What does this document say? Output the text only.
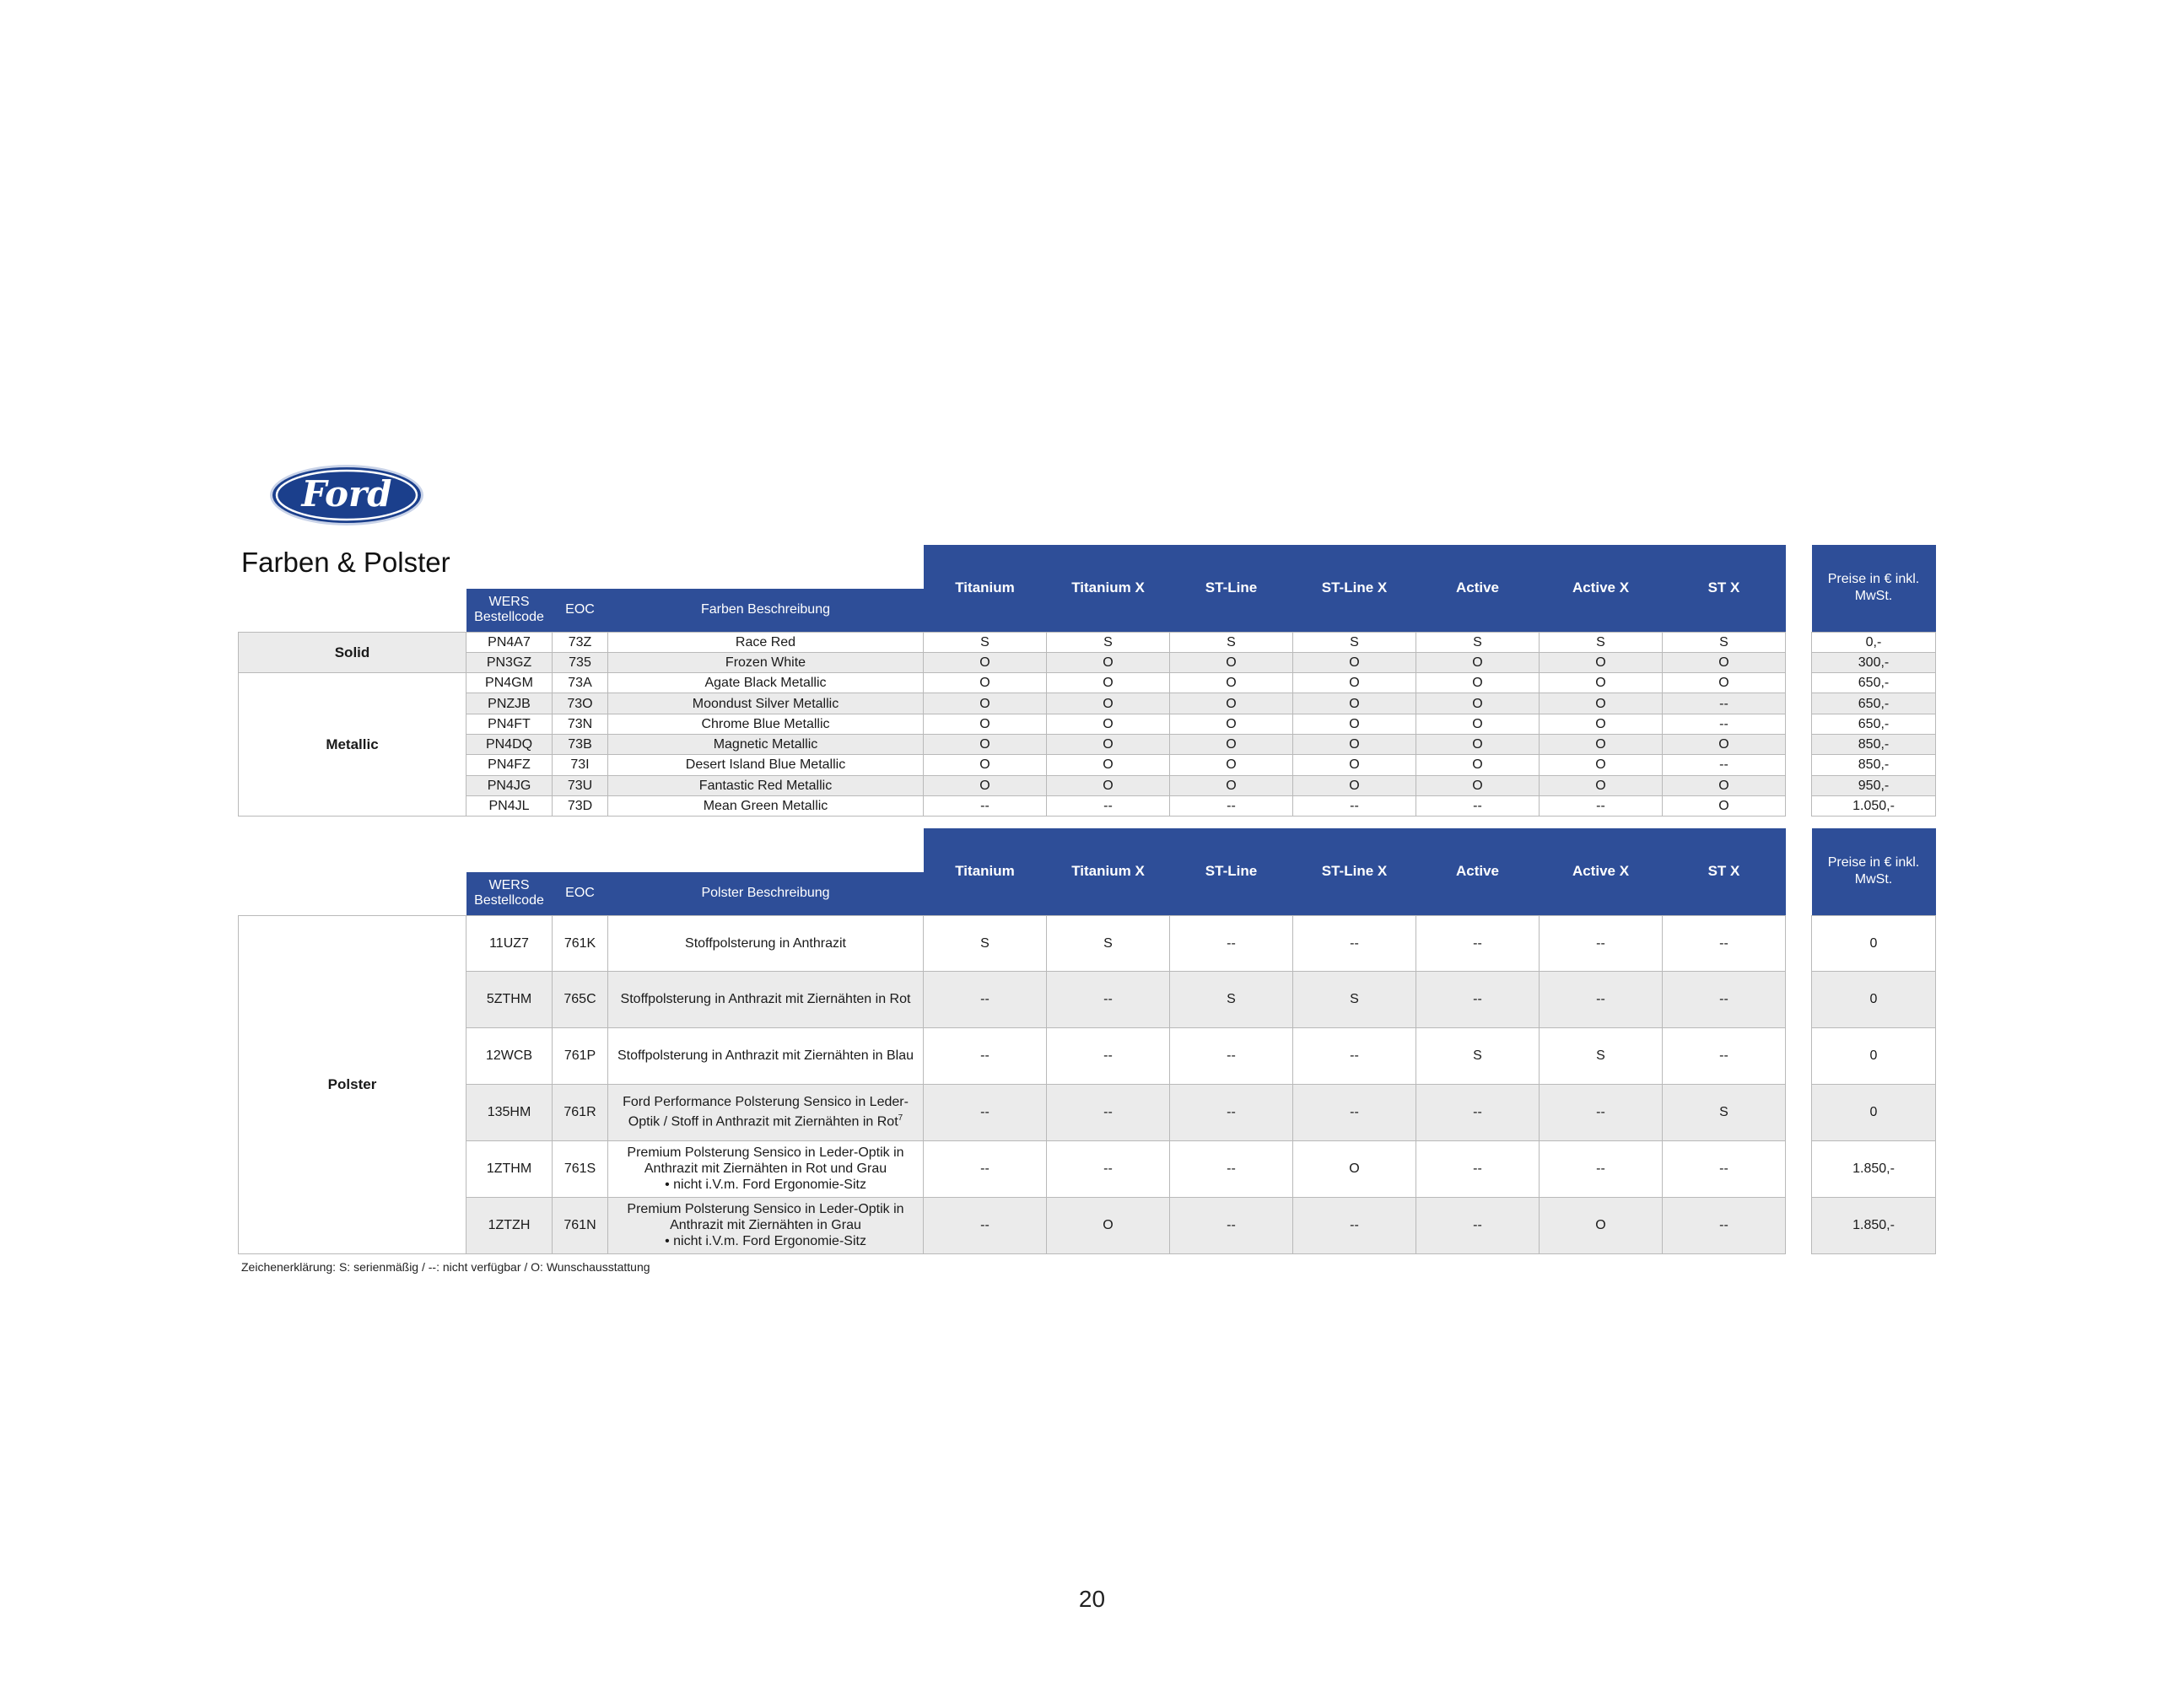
Ford
Farben & Polster
				Titanium	Titanium X	ST-Line	ST-Line X	Active	Active X	ST X		Preise in € inkl. MwSt.
	WERS Bestellcode	EOC	Farben Beschreibung									
Solid	PN4A7	73Z	Race Red	S	S	S	S	S	S	S		0,-
	PN3GZ	735	Frozen White	O	O	O	O	O	O	O		300,-
Metallic	PN4GM	73A	Agate Black Metallic	O	O	O	O	O	O	O		650,-
	PNZJB	73O	Moondust Silver Metallic	O	O	O	O	O	O	--		650,-
	PN4FT	73N	Chrome Blue Metallic	O	O	O	O	O	O	--		650,-
	PN4DQ	73B	Magnetic Metallic	O	O	O	O	O	O	O		850,-
	PN4FZ	73I	Desert Island Blue Metallic	O	O	O	O	O	O	--		850,-
	PN4JG	73U	Fantastic Red Metallic	O	O	O	O	O	O	O		950,-
	PN4JL	73D	Mean Green Metallic	--	--	--	--	--	--	O		1.050,-
				Titanium	Titanium X	ST-Line	ST-Line X	Active	Active X	ST X		Preise in € inkl. MwSt.
	WERS Bestellcode	EOC	Polster Beschreibung									
Polster	11UZ7	761K	Stoffpolsterung in Anthrazit	S	S	--	--	--	--	--		0
	5ZTHM	765C	Stoffpolsterung in Anthrazit mit Ziernähten in Rot	--	--	S	S	--	--	--		0
	12WCB	761P	Stoffpolsterung in Anthrazit mit Ziernähten in Blau	--	--	--	--	S	S	--		0
	135HM	761R	Ford Performance Polsterung Sensico in Leder-Optik / Stoff in Anthrazit mit Ziernähten in Rot$^7$	--	--	--	--	--	--	S		0
	1ZTHM	761S	Premium Polsterung Sensico in Leder-Optik in Anthrazit mit Ziernähten in Rot und Grau
• nicht i.V.m. Ford Ergonomie-Sitz	--	--	--	O	--	--	--		1.850,-
	1ZTZH	761N	Premium Polsterung Sensico in Leder-Optik in Anthrazit mit Ziernähten in Grau
• nicht i.V.m. Ford Ergonomie-Sitz	--	O	--	--	--	O	--		1.850,-
Zeichenerklärung: S: serienmäßig / --: nicht verfügbar / O: Wunschausstattung
20
